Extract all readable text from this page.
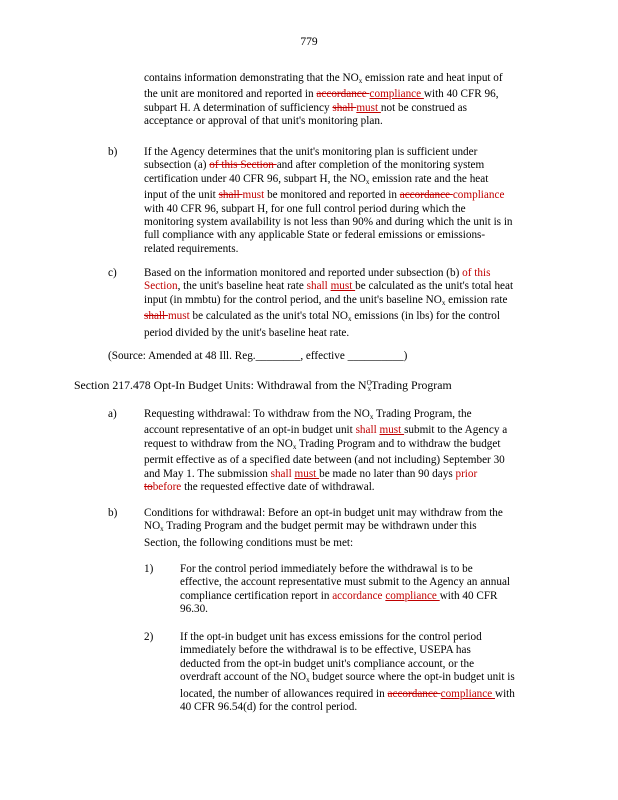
779

contains information demonstrating that the $NO_x$ emission rate and heat input of

the unit are monitored and reported in accordance compliance with 40 CFR 96,

subpart H. A determination of sufficiency shall must not be construed as

acceptance or approval of that unit's monitoring plan.

b) If the Agency determines that the unit's monitoring plan is sufficient under

subsection (a) of this Section and after completion of the monitoring system

certification under 40 CFR 96, subpart H, the $NO_x$ emission rate and the heat

input of the unit shall must be monitored and reported in accordance compliance

with 40 CFR 96, subpart H, for one full control period during which the

monitoring system availability is not less than 90% and during which the unit is in

full compliance with any applicable State or federal emissions or emissions-

related requirements.

c) Based on the information monitored and reported under subsection (b) of this

Section, the unit's baseline heat rate shall must be calculated as the unit's total heat

input (in mmbtu) for the control period, and the unit's baseline $NO_x$ emission rate

shall must be calculated as the unit's total $NO_x$ emissions (in lbs) for the control

period divided by the unit's baseline heat rate.

(Source: Amended at 48 Ill. Reg.________, effective __________)

Section 217.478 Opt-In Budget Units: Withdrawal from the $N^O_xTrading$ Program
a) Requesting withdrawal: To withdraw from the $NO_x$ Trading Program, the

account representative of an opt-in budget unit shall must submit to the Agency a

request to withdraw from the $NO_x$ Trading Program and to withdraw the budget

permit effective as of a specified date between (and not including) September 30

and May 1. The submission shall must be made no later than 90 days prior

tobefore the requested effective date of withdrawal.

b) Conditions for withdrawal: Before an opt-in budget unit may withdraw from the

$NO_x$ Trading Program and the budget permit may be withdrawn under this

Section, the following conditions must be met:

1) For the control period immediately before the withdrawal is to be

effective, the account representative must submit to the Agency an annual

compliance certification report in accordance compliance with 40 CFR

96.30.

2) If the opt-in budget unit has excess emissions for the control period

immediately before the withdrawal is to be effective, USEPA has

deducted from the opt-in budget unit's compliance account, or the

overdraft account of the $NO_x$ budget source where the opt-in budget unit is

located, the number of allowances required in accordance compliance with

40 CFR 96.54(d) for the control period.
